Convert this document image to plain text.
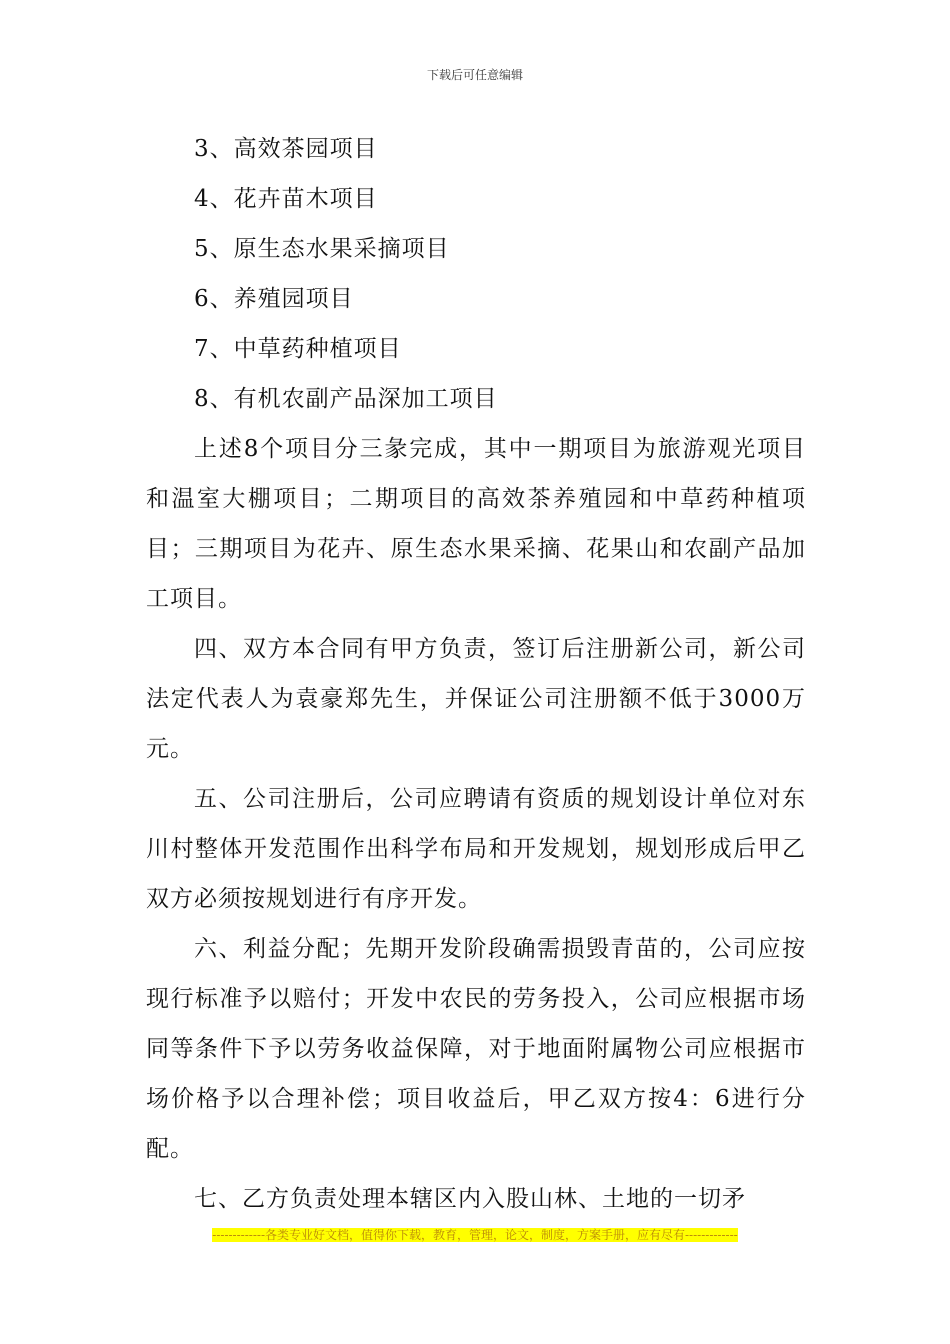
下载后可任意编辑

3、高效茶园项目

4、花卉苗木项目

5、原生态水果采摘项目

6、养殖园项目

7、中草药种植项目

8、有机农副产品深加工项目

上述8个项目分三彖完成，其中一期项目为旅游观光项目和温室大棚项目；二期项目的高效茶养殖园和中草药种植项目；三期项目为花卉、原生态水果采摘、花果山和农副产品加工项目。

四、双方本合同有甲方负责，签订后注册新公司，新公司法定代表人为袁豪郑先生，并保证公司注册额不低于3000万元。

五、公司注册后，公司应聘请有资质的规划设计单位对东川村整体开发范围作出科学布局和开发规划，规划形成后甲乙双方必须按规划进行有序开发。

六、利益分配；先期开发阶段确需损毁青苗的，公司应按现行标准予以赔付；开发中农民的劳务投入，公司应根据市场同等条件下予以劳务收益保障，对于地面附属物公司应根据市场价格予以合理补偿；项目收益后，甲乙双方按4：6进行分配。

七、乙方负责处理本辖区内入股山林、土地的一切矛

-------------各类专业好文档，值得你下载，教育，管理，论文，制度，方案手册，应有尽有-------------
